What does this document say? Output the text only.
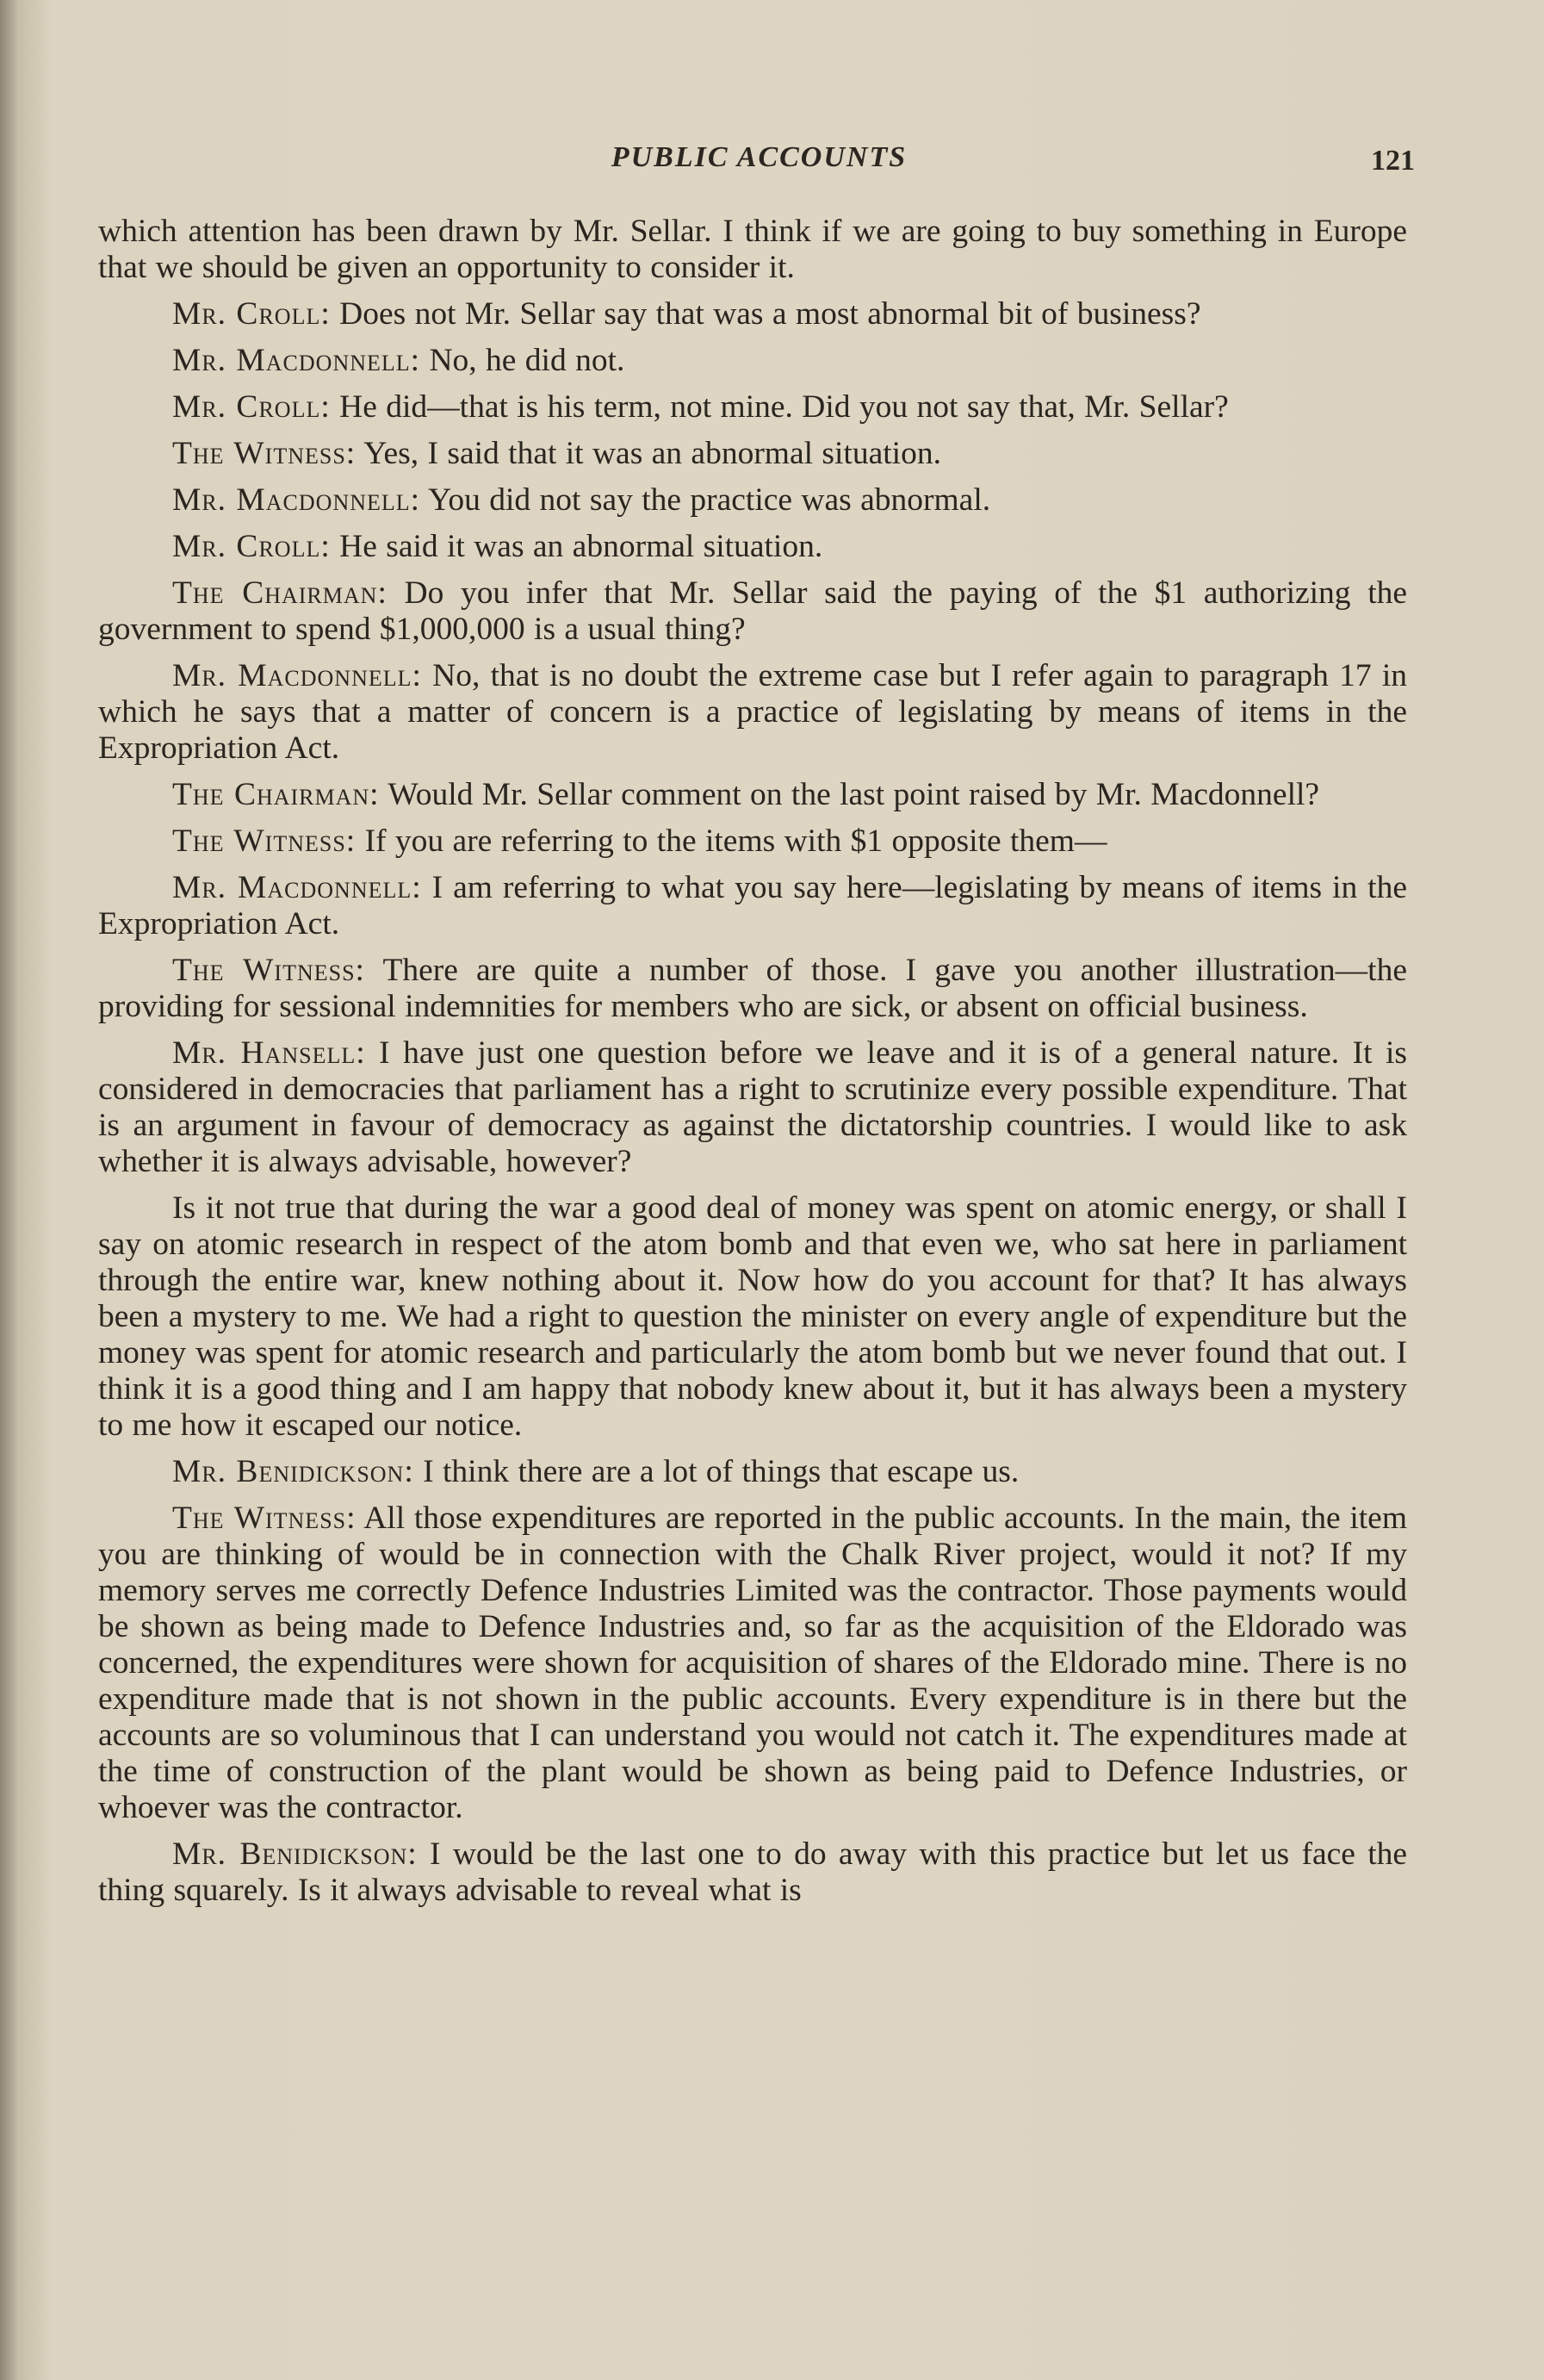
PUBLIC ACCOUNTS	121

which attention has been drawn by Mr. Sellar. I think if we are going to buy something in Europe that we should be given an opportunity to consider it.

Mr. Croll: Does not Mr. Sellar say that was a most abnormal bit of business?

Mr. Macdonnell: No, he did not.

Mr. Croll: He did—that is his term, not mine. Did you not say that, Mr. Sellar?

The Witness: Yes, I said that it was an abnormal situation.

Mr. Macdonnell: You did not say the practice was abnormal.

Mr. Croll: He said it was an abnormal situation.

The Chairman: Do you infer that Mr. Sellar said the paying of the $1 authorizing the government to spend $1,000,000 is a usual thing?

Mr. Macdonnell: No, that is no doubt the extreme case but I refer again to paragraph 17 in which he says that a matter of concern is a practice of legislating by means of items in the Expropriation Act.

The Chairman: Would Mr. Sellar comment on the last point raised by Mr. Macdonnell?

The Witness: If you are referring to the items with $1 opposite them—

Mr. Macdonnell: I am referring to what you say here—legislating by means of items in the Expropriation Act.

The Witness: There are quite a number of those. I gave you another illustration—the providing for sessional indemnities for members who are sick, or absent on official business.

Mr. Hansell: I have just one question before we leave and it is of a general nature. It is considered in democracies that parliament has a right to scrutinize every possible expenditure. That is an argument in favour of democracy as against the dictatorship countries. I would like to ask whether it is always advisable, however?

Is it not true that during the war a good deal of money was spent on atomic energy, or shall I say on atomic research in respect of the atom bomb and that even we, who sat here in parliament through the entire war, knew nothing about it. Now how do you account for that? It has always been a mystery to me. We had a right to question the minister on every angle of expenditure but the money was spent for atomic research and particularly the atom bomb but we never found that out. I think it is a good thing and I am happy that nobody knew about it, but it has always been a mystery to me how it escaped our notice.

Mr. Benidickson: I think there are a lot of things that escape us.

The Witness: All those expenditures are reported in the public accounts. In the main, the item you are thinking of would be in connection with the Chalk River project, would it not? If my memory serves me correctly Defence Industries Limited was the contractor. Those payments would be shown as being made to Defence Industries and, so far as the acquisition of the Eldorado was concerned, the expenditures were shown for acquisition of shares of the Eldorado mine. There is no expenditure made that is not shown in the public accounts. Every expenditure is in there but the accounts are so voluminous that I can understand you would not catch it. The expenditures made at the time of construction of the plant would be shown as being paid to Defence Industries, or whoever was the contractor.

Mr. Benidickson: I would be the last one to do away with this practice but let us face the thing squarely. Is it always advisable to reveal what is
